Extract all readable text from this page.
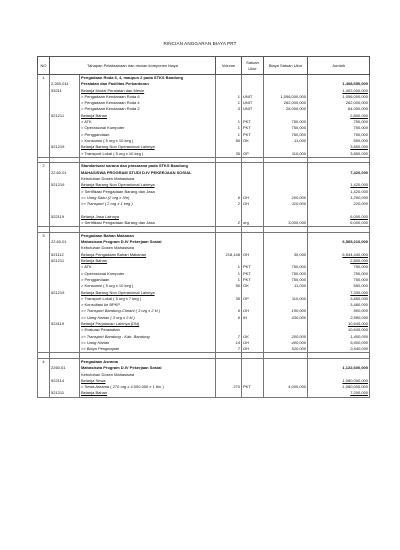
RINCIAN ANGGARAN BIAYA PRT
NO	Tahapan Pelaksanaan dan rincian komponen biaya		Volume	Satuan Ukur	Biaya Satuan Ukur	Jumlah
1		Pengadaan Roda 6, 4, maupun 2 pada STKS Bandung				
	2,260,011	Peralatan dan Fasilitas Perkantoran				1,408,650,000
	53211	Belanja Modal Peralatan dan Mesin				1,402,000,000
		> Pengadaan Kendaraan Roda 6	1	UNIT	1,056,000,000	1,056,000,000
		> Pengadaan Kendaraan Roda 4	1	UNIT	262,000,000	262,000,000
		> Pengadaan Kendaraan Roda 2	3	UNIT	28,000,000	84,000,000
	521211	Belanja Bahan				2,800,000
		> ATK	1	PKT	750,000	750,000
		> Operasional Komputer	1	PKT	750,000	750,000
		> Penggandaan	1	PKT	750,000	750,000
		> Konsumsi ( 5 org x 10 keg )	50	OK	11,000	550,000
	521219	Belanja Barang Non Operasional Lainnya				3,850,000
		> Transport Lokal ( 5 org x 10 keg )	35	OP	110,000	3,850,000

2		Standarisasi sarana dan prasarana pada STKS Bandung				
	22.60.01	MAHASISWA PROGRAM STUDI D.IV PEKERJAAN SOSIAL				7,420,000
		Kebutuhan Dosen Mahasiswa				
	521219	Belanja Barang Non Operasional Lainnya				1,420,000
		> Sertifikasi Pengadaan Barang dan Jasa				1,420,000
		>> Uang Saku (2 org x 3hr)	6	OH	200,000	1,200,000
		>> Transport ( 2 org x 1 keg )	2	OH	110,000	220,000

	522119	Belanja Jasa Lainnya				6,000,000
		> Sertifikasi Pengadaan Barang dan Jasa	2	org	3,000,000	6,000,000

3		Pengadaan Bahan Makanan				
	22.60.01	Mahasiswa Program D.IV Pekerjaan Sosial				6,565,210,000
		Kebutuhan Dosen Mahasiswa				
	521112	Belanja Pengadaan Bahan Makanan	218,148	OH	30,000	6,544,440,000
	521211	Belanja Bahan				2,800,000
		> ATK	1	PKT	750,000	750,000
		> Operasional Komputer	1	PKT	750,000	750,000
		> Penggandaan	1	PKT	750,000	750,000
		> Konsumsi ( 5 org x 10 keg )	50	OK	11,000	550,000
	521219	Belanja Barang Non Operasional Lainnya				7,330,000
		> Transport Lokal ( 5 org x 7 keg )	35	OP	110,000	3,850,000
		> Konsultasi ke BPKP				3,480,000
		>> Transport Bandung-Cimahi ( 3 org x 2 kl )	6	OH	150,000	900,000
		>> Uang Harian ( 3 org x 2 kl )	6	IH	430,000	2,580,000
	524119	Belanja Perjalanan Lainnya (DN)				10,640,000
		> Evaluasi Perawatan				10,640,000
		>> Transport Bandung - Kab. Bandung	7	OK	200,000	1,400,000
		>> Uang Harian	14	OH	400,000	5,600,000
		>> Biaya Penginapan	7	OH	520,000	3,640,000

4		Pengadaan Asrama				
	2260.01	Mahasiswa Program D.IV Pekerjaan Sosial				1,122,600,000
		Kebutuhan Dosen Mahasiswa				
	522114	Belanja Sewa				1,080,000,000
		> Sewa Asrama ( 270 org x 4.000.000 x 1 thn )	270	PKT	4,000,000	1,080,000,000
	521211	Belanja Bahan				7,200,000
